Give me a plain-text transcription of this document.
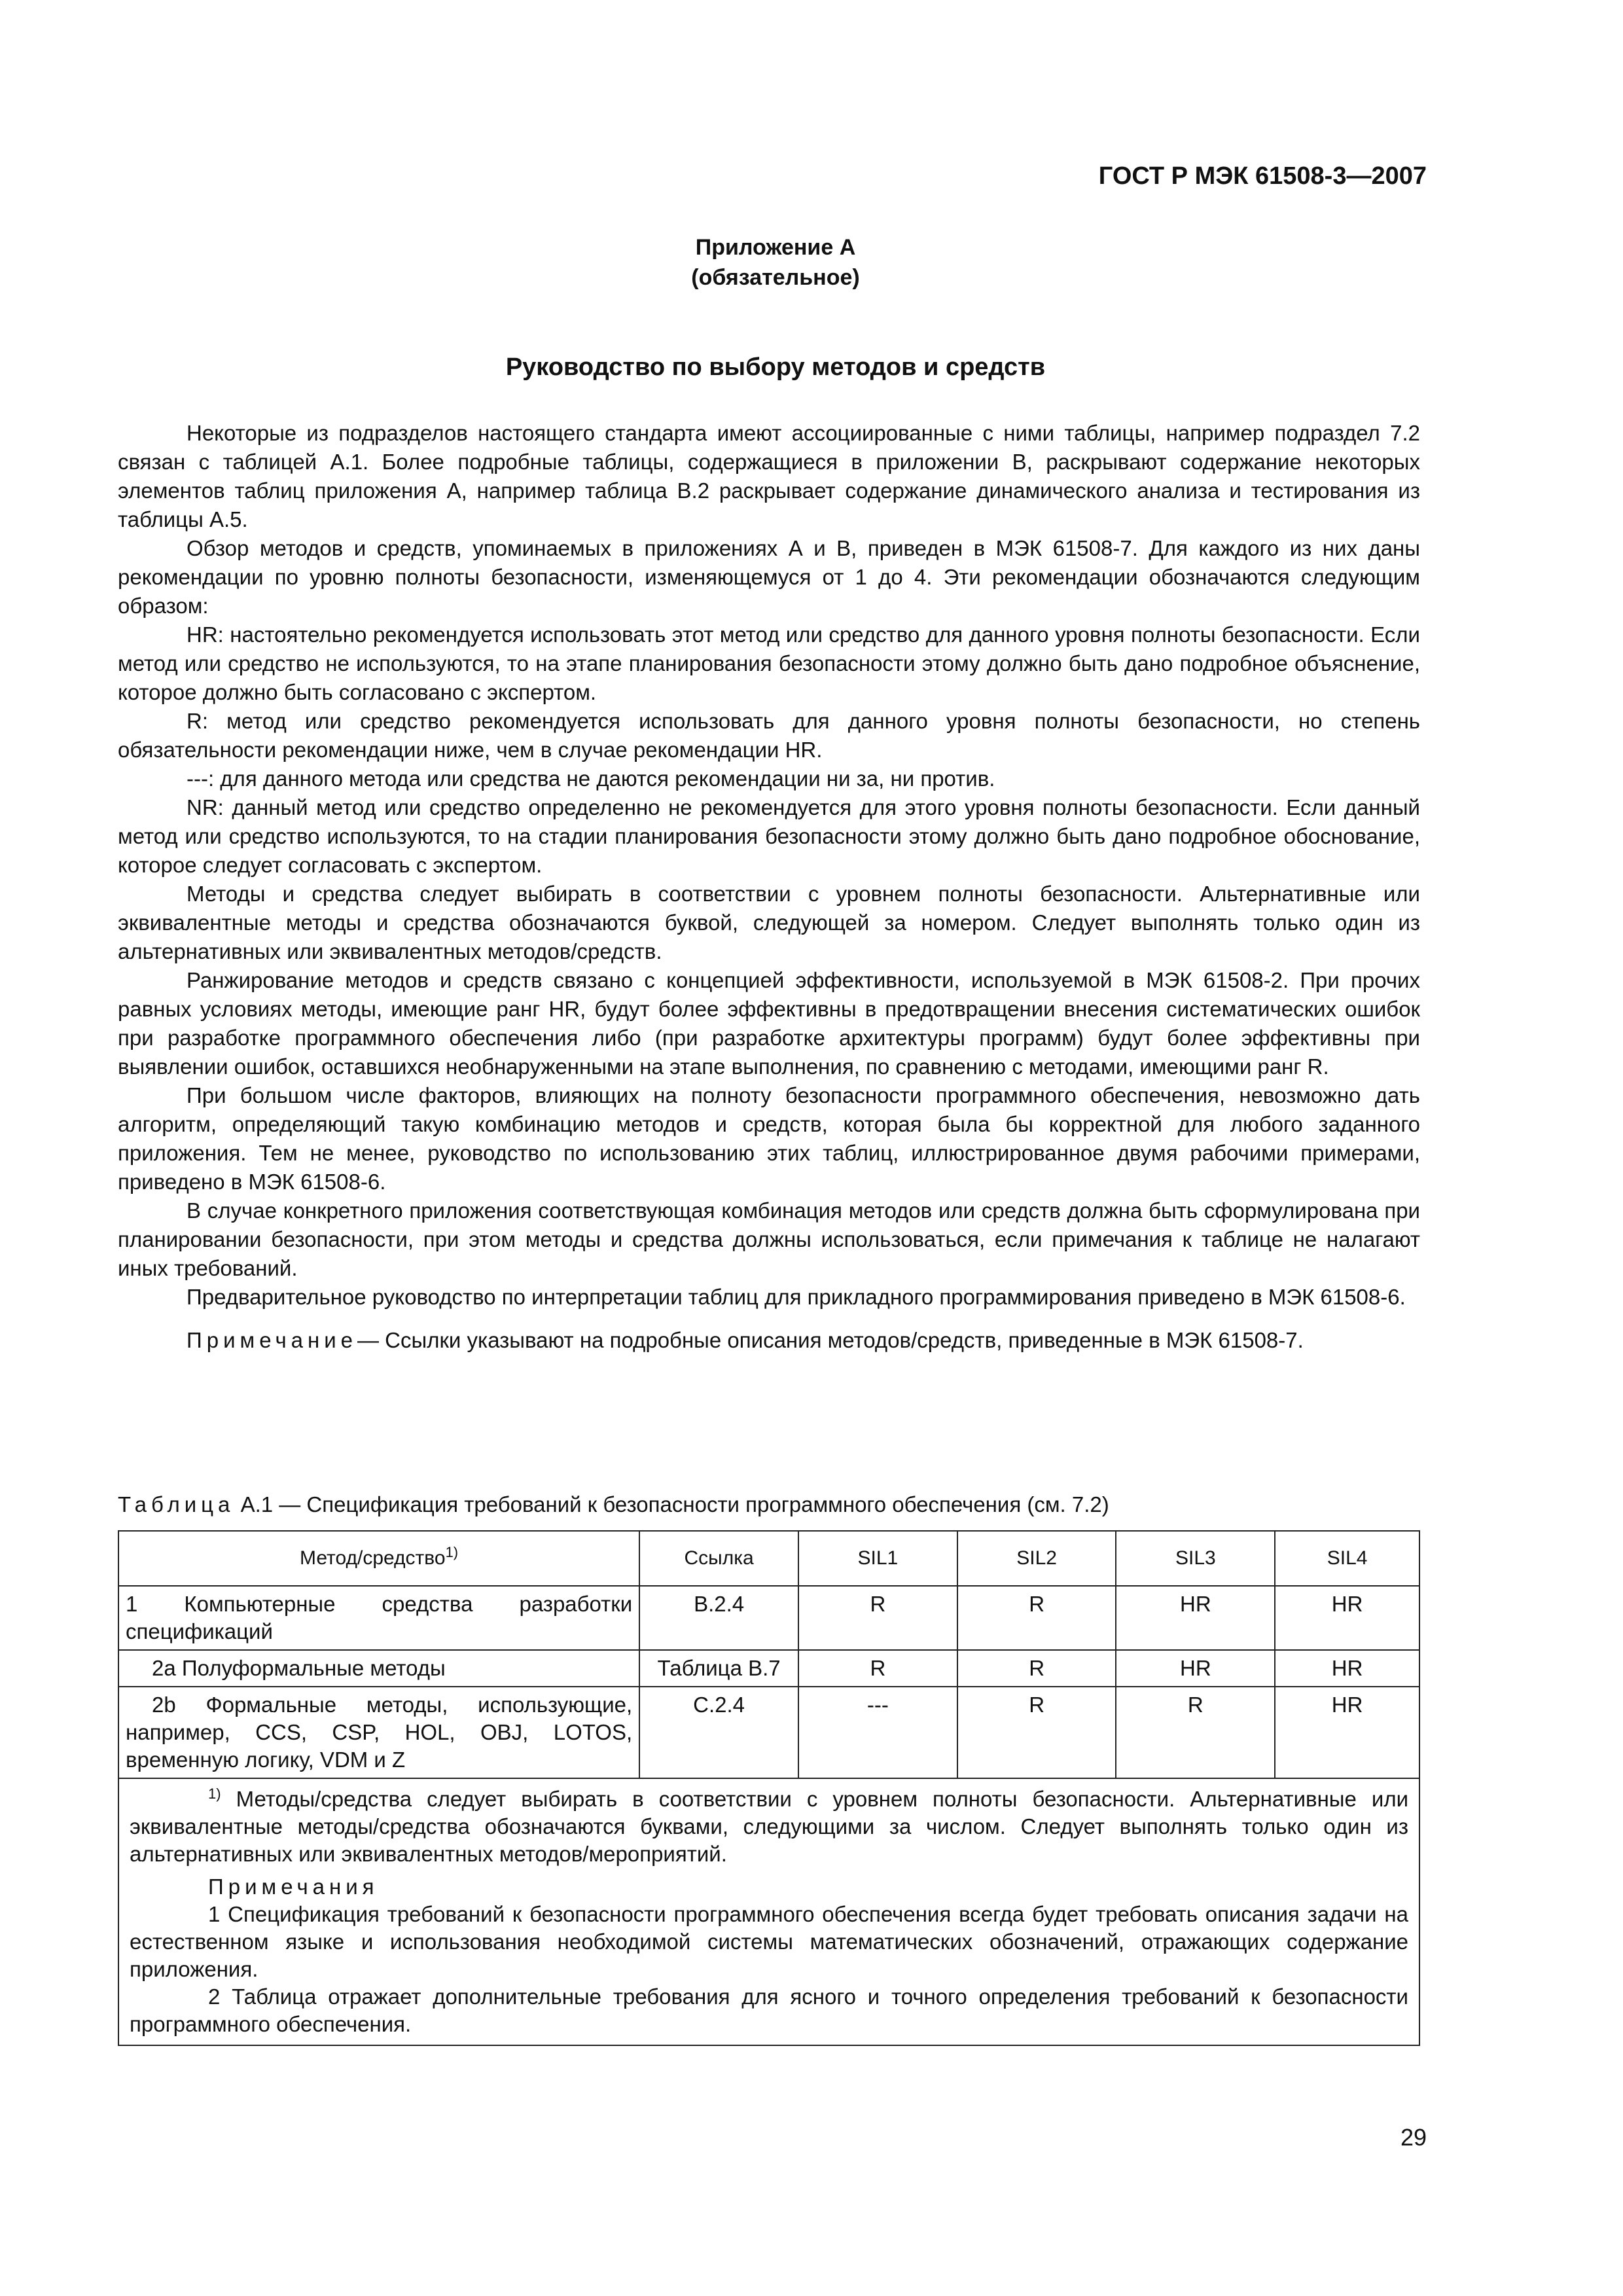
ГОСТ Р МЭК 61508-3—2007
Приложение А
(обязательное)
Руководство по выбору методов и средств

Некоторые из подразделов настоящего стандарта имеют ассоциированные с ними таблицы, например подраздел 7.2 связан с таблицей А.1. Более подробные таблицы, содержащиеся в приложении В, раскрывают содержание некоторых элементов таблиц приложения А, например таблица В.2 раскрывает содержание динамического анализа и тестирования из таблицы А.5.

Обзор методов и средств, упоминаемых в приложениях А и В, приведен в МЭК 61508-7. Для каждого из них даны рекомендации по уровню полноты безопасности, изменяющемуся от 1 до 4. Эти рекомендации обозначаются следующим образом:

HR: настоятельно рекомендуется использовать этот метод или средство для данного уровня полноты безопасности. Если метод или средство не используются, то на этапе планирования безопасности этому должно быть дано подробное объяснение, которое должно быть согласовано с экспертом.

R: метод или средство рекомендуется использовать для данного уровня полноты безопасности, но степень обязательности рекомендации ниже, чем в случае рекомендации HR.

---: для данного метода или средства не даются рекомендации ни за, ни против.

NR: данный метод или средство определенно не рекомендуется для этого уровня полноты безопасности. Если данный метод или средство используются, то на стадии планирования безопасности этому должно быть дано подробное обоснование, которое следует согласовать с экспертом.

Методы и средства следует выбирать в соответствии с уровнем полноты безопасности. Альтернативные или эквивалентные методы и средства обозначаются буквой, следующей за номером. Следует выполнять только один из альтернативных или эквивалентных методов/средств.

Ранжирование методов и средств связано с концепцией эффективности, используемой в МЭК 61508-2. При прочих равных условиях методы, имеющие ранг HR, будут более эффективны в предотвращении внесения систематических ошибок при разработке программного обеспечения либо (при разработке архитектуры программ) будут более эффективны при выявлении ошибок, оставшихся необнаруженными на этапе выполнения, по сравнению с методами, имеющими ранг R.

При большом числе факторов, влияющих на полноту безопасности программного обеспечения, невозможно дать алгоритм, определяющий такую комбинацию методов и средств, которая была бы корректной для любого заданного приложения. Тем не менее, руководство по использованию этих таблиц, иллюстрированное двумя рабочими примерами, приведено в МЭК 61508-6.

В случае конкретного приложения соответствующая комбинация методов или средств должна быть сформулирована при планировании безопасности, при этом методы и средства должны использоваться, если примечания к таблице не налагают иных требований.

Предварительное руководство по интерпретации таблиц для прикладного программирования приведено в МЭК 61508-6.

Примечание— Ссылки указывают на подробные описания методов/средств, приведенные в МЭК 61508-7.

Таблица А.1 — Спецификация требований к безопасности программного обеспечения (см. 7.2)
Метод/средство$^{1)}$	Ссылка	SIL1	SIL2	SIL3	SIL4
1 Компьютерные средства разработки спецификаций	В.2.4	R	R	HR	HR
2a Полуформальные методы	Таблица В.7	R	R	HR	HR
2b Формальные методы, использующие, например, CCS, CSP, HOL, OBJ, LOTOS, временную логику, VDM и Z	С.2.4	---	R	R	HR

$^{1)}$ Методы/средства следует выбирать в соответствии с уровнем полноты безопасности. Альтернативные или эквивалентные методы/средства обозначаются буквами, следующими за числом. Следует выполнять только один из альтернативных или эквивалентных методов/мероприятий.

Примечания

1 Спецификация требований к безопасности программного обеспечения всегда будет требовать описания задачи на естественном языке и использования необходимой системы математических обозначений, отражающих содержание приложения.

2 Таблица отражает дополнительные требования для ясного и точного определения требований к безопасности программного обеспечения.					

29
